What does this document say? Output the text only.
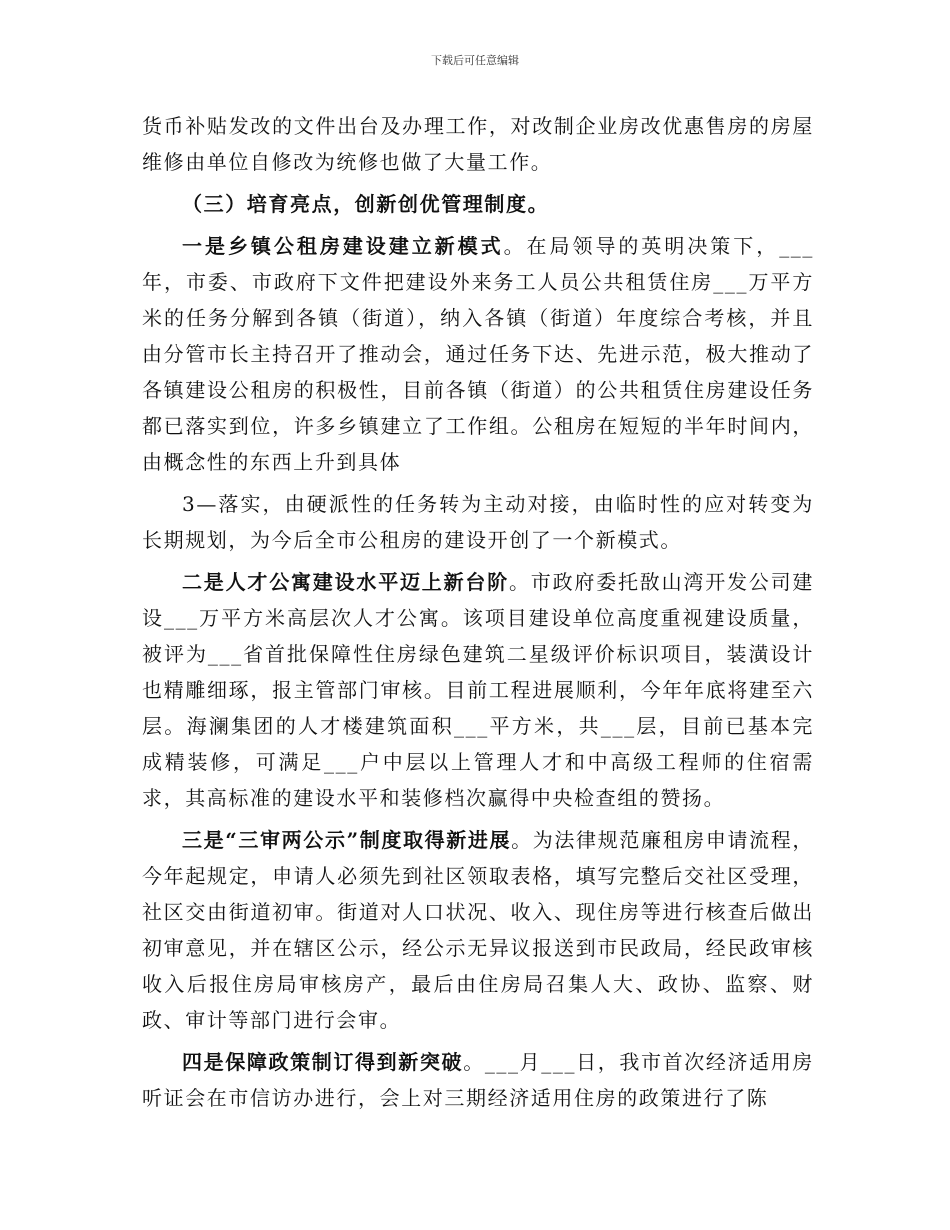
下载后可任意编辑

货币补贴发改的文件出台及办理工作，对改制企业房改优惠售房的房屋维修由单位自修改为统修也做了大量工作。

（三）培育亮点，创新创优管理制度。

一是乡镇公租房建设建立新模式。在局领导的英明决策下，___年，市委、市政府下文件把建设外来务工人员公共租赁住房___万平方米的任务分解到各镇（街道），纳入各镇（街道）年度综合考核，并且由分管市长主持召开了推动会，通过任务下达、先进示范，极大推动了各镇建设公租房的积极性，目前各镇（街道）的公共租赁住房建设任务都已落实到位，许多乡镇建立了工作组。公租房在短短的半年时间内，由概念性的东西上升到具体

3—落实，由硬派性的任务转为主动对接，由临时性的应对转变为长期规划，为今后全市公租房的建设开创了一个新模式。

二是人才公寓建设水平迈上新台阶。市政府委托敔山湾开发公司建设___万平方米高层次人才公寓。该项目建设单位高度重视建设质量，被评为___省首批保障性住房绿色建筑二星级评价标识项目，装潢设计也精雕细琢，报主管部门审核。目前工程进展顺利，今年年底将建至六层。海澜集团的人才楼建筑面积___平方米，共___层，目前已基本完成精装修，可满足___户中层以上管理人才和中高级工程师的住宿需求，其高标准的建设水平和装修档次赢得中央检查组的赞扬。

三是“三审两公示”制度取得新进展。为法律规范廉租房申请流程，今年起规定，申请人必须先到社区领取表格，填写完整后交社区受理，社区交由街道初审。街道对人口状况、收入、现住房等进行核查后做出初审意见，并在辖区公示，经公示无异议报送到市民政局，经民政审核收入后报住房局审核房产，最后由住房局召集人大、政协、监察、财政、审计等部门进行会审。

四是保障政策制订得到新突破。___月___日，我市首次经济适用房听证会在市信访办进行，会上对三期经济适用住房的政策进行了陈
